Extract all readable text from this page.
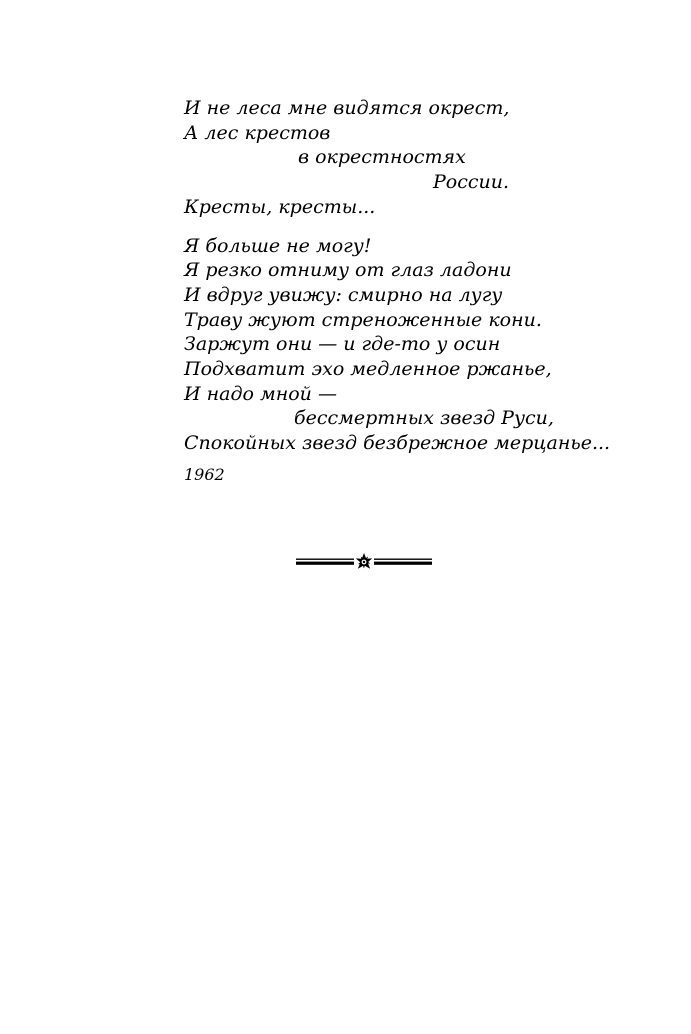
И не леса мне видятся окрест,
А лес крестов
в окрестностях
России.
Кресты, кресты...
Я больше не могу!
Я резко отниму от глаз ладони
И вдруг увижу: смирно на лугу
Траву жуют стреноженные кони.
Заржут они — и где-то у осин
Подхватит эхо медленное ржанье,
И надо мной —
бессмертных звезд Руси,
Спокойных звезд безбрежное мерцанье...
1962
